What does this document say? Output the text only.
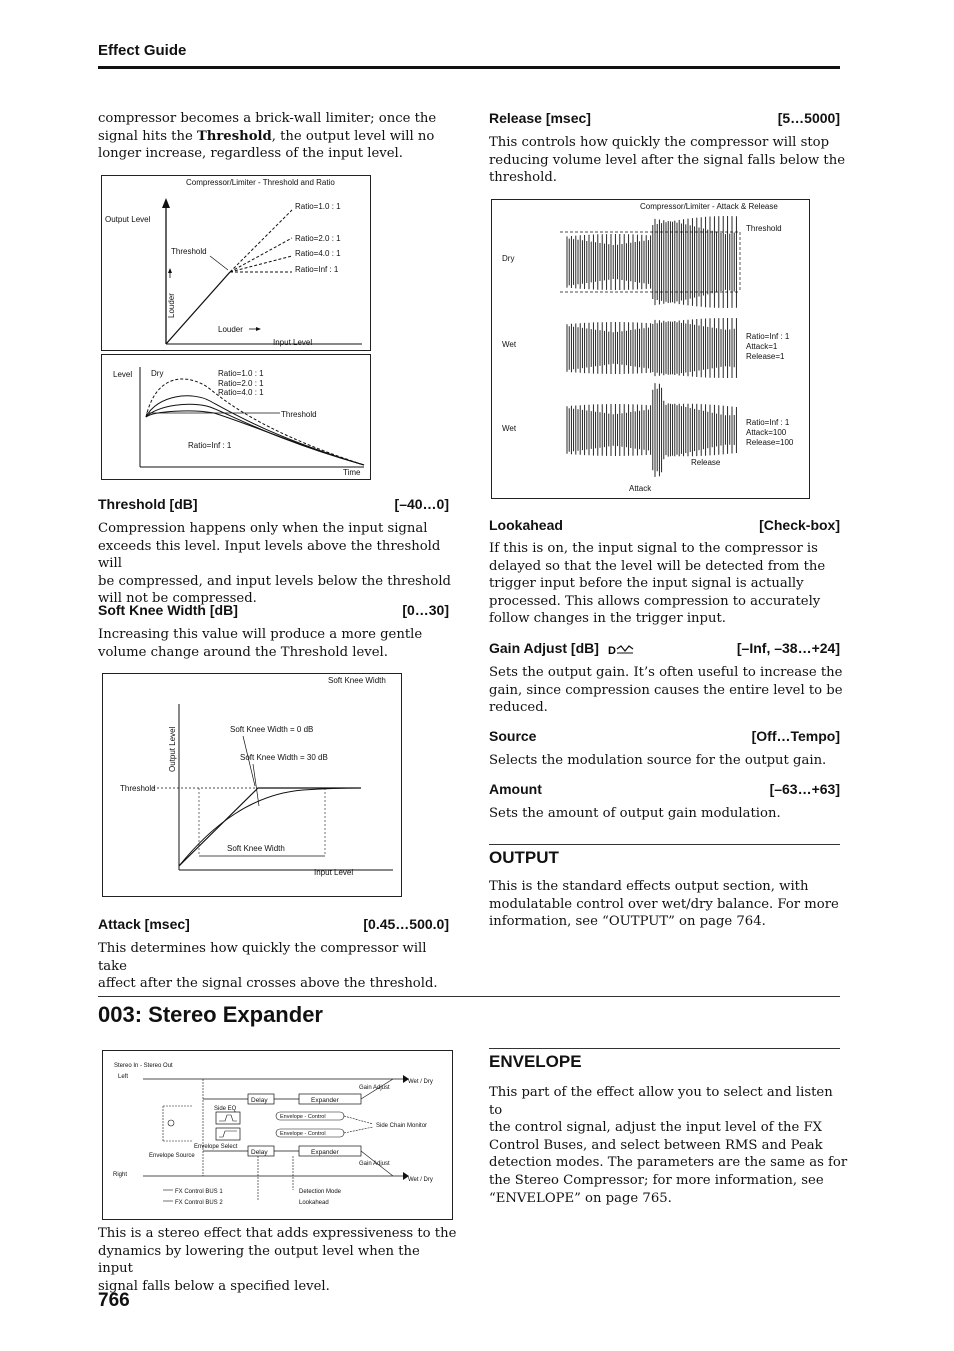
Effect Guide
compressor becomes a brick-wall limiter; once the
signal hits the Threshold, the output level will no
longer increase, regardless of the input level.
Compressor/Limiter - Threshold and Ratio
Output Level
Ratio=1.0 : 1
Ratio=2.0 : 1
Ratio=4.0 : 1
Ratio=Inf : 1
Threshold
Louder
Louder
Input Level
Level Dry	Ratio=1.0 : 1
Ratio=2.0 : 1
Ratio=4.0 : 1
Threshold
Ratio=Inf : 1
Time
Threshold [dB]	[–40…0]
Compression happens only when the input signal
exceeds this level. Input levels above the threshold will
be compressed, and input levels below the threshold
will not be compressed.
Soft Knee Width [dB]	[0…30]
Increasing this value will produce a more gentle
volume change around the Threshold level.
Soft Knee Width
Output Level	Soft Knee Width = 0 dB
Soft Knee Width = 30 dB
Threshold
Soft Knee Width
Input Level
Attack [msec]	[0.45…500.0]
This determines how quickly the compressor will take
affect after the signal crosses above the threshold.
Release [msec]	[5…5000]
This controls how quickly the compressor will stop
reducing volume level after the signal falls below the
threshold.
Compressor/Limiter - Attack & Release
Threshold
Dry
Wet
Wet
Ratio=Inf : 1
Attack=1
Release=1
Ratio=Inf : 1
Attack=100
Release=100
Release
Attack
Lookahead	[Check-box]
If this is on, the input signal to the compressor is
delayed so that the level will be detected from the
trigger input before the input signal is actually
processed. This allows compression to accurately
follow changes in the trigger input.
Gain Adjust [dB] D	[–Inf, –38…+24]
Sets the output gain. It’s often useful to increase the
gain, since compression causes the entire level to be
reduced.
Source	[Off…Tempo]
Selects the modulation source for the output gain.
Amount	[–63…+63]
Sets the amount of output gain modulation.
OUTPUT
This is the standard effects output section, with
modulatable control over wet/dry balance. For more
information, see “OUTPUT” on page 764.
003: Stereo Expander
Stereo In - Stereo Out
Left
Right
Side EQ
Envelope Select
Envelope Source
Gain Adjust
Gain Adjust
Wet / Dry
Wet / Dry
Side Chain Monitor
FX Control BUS 1
FX Control BUS 2
Detection Mode
Lookahead
Delay	Expander
Delay	Expander
Envelope - Control
Envelope - Control
This is a stereo effect that adds expressiveness to the
dynamics by lowering the output level when the input
signal falls below a specified level.
ENVELOPE
This part of the effect allow you to select and listen to
the control signal, adjust the input level of the FX
Control Buses, and select between RMS and Peak
detection modes. The parameters are the same as for
the Stereo Compressor; for more information, see
“ENVELOPE” on page 765.
766
